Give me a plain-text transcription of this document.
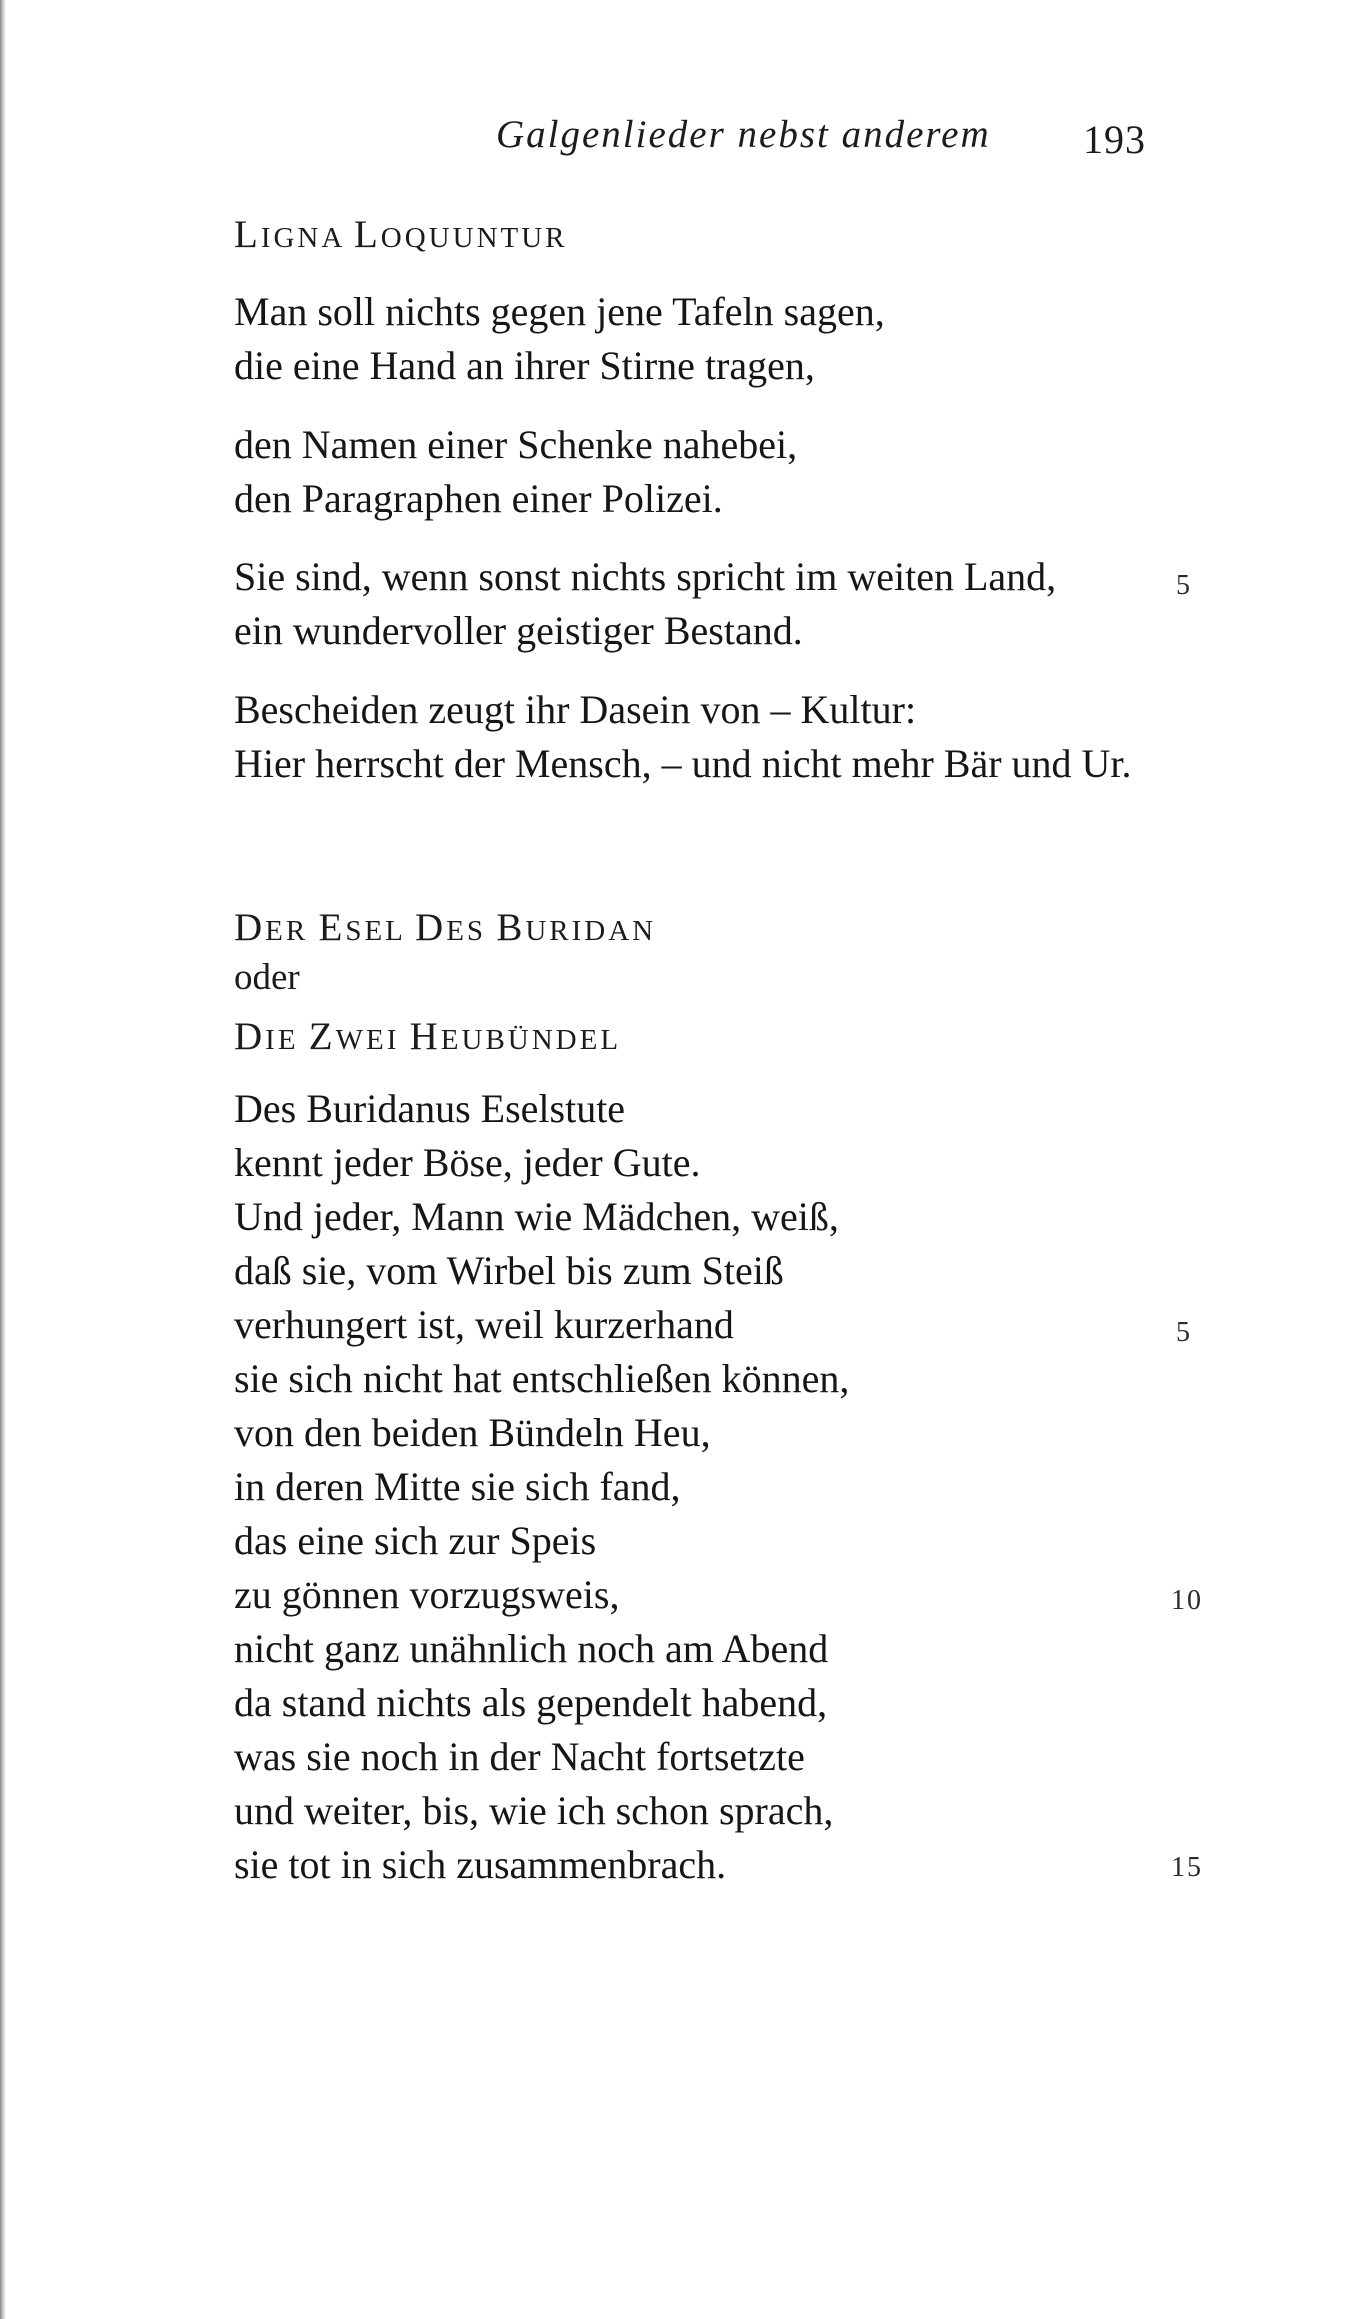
Galgenlieder nebst anderem 193
LIGNA LOQUUNTUR
Man soll nichts gegen jene Tafeln sagen,
die eine Hand an ihrer Stirne tragen,
den Namen einer Schenke nahebei,
den Paragraphen einer Polizei.
Sie sind, wenn sonst nichts spricht im weiten Land,
ein wundervoller geistiger Bestand.
Bescheiden zeugt ihr Dasein von – Kultur:
Hier herrscht der Mensch, – und nicht mehr Bär und Ur.
5
DER ESEL DES BURIDAN
oder
DIE ZWEI HEUBÜNDEL
Des Buridanus Eselstute
kennt jeder Böse, jeder Gute.
Und jeder, Mann wie Mädchen, weiß,
daß sie, vom Wirbel bis zum Steiß
verhungert ist, weil kurzerhand
sie sich nicht hat entschließen können,
von den beiden Bündeln Heu,
in deren Mitte sie sich fand,
das eine sich zur Speis
zu gönnen vorzugsweis,
nicht ganz unähnlich noch am Abend
da stand nichts als gependelt habend,
was sie noch in der Nacht fortsetzte
und weiter, bis, wie ich schon sprach,
sie tot in sich zusammenbrach.
5
10
15
